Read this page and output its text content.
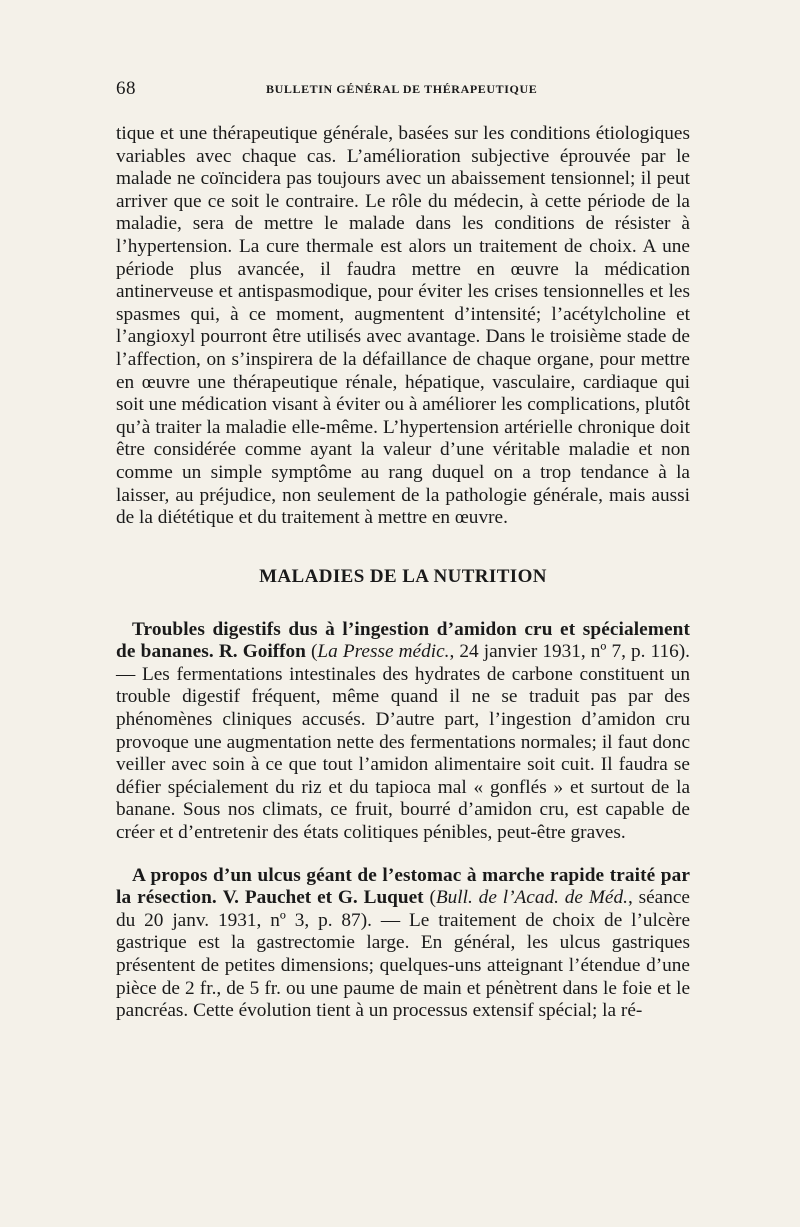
68	BULLETIN GÉNÉRAL DE THÉRAPEUTIQUE

tique et une thérapeutique générale, basées sur les conditions étiologiques variables avec chaque cas. L’amélioration subjective éprouvée par le malade ne coïncidera pas toujours avec un abaissement tensionnel; il peut arriver que ce soit le contraire. Le rôle du médecin, à cette période de la maladie, sera de mettre le malade dans les conditions de résister à l’hypertension. La cure thermale est alors un traitement de choix. A une période plus avancée, il faudra mettre en œuvre la médication antinerveuse et antispasmodique, pour éviter les crises tensionnelles et les spasmes qui, à ce moment, augmentent d’intensité; l’acétylcholine et l’angioxyl pourront être utilisés avec avantage. Dans le troisième stade de l’affection, on s’inspirera de la défaillance de chaque organe, pour mettre en œuvre une thérapeutique rénale, hépatique, vasculaire, cardiaque qui soit une médication visant à éviter ou à améliorer les complications, plutôt qu’à traiter la maladie elle-même. L’hypertension artérielle chronique doit être considérée comme ayant la valeur d’une véritable maladie et non comme un simple symptôme au rang duquel on a trop tendance à la laisser, au préjudice, non seulement de la pathologie générale, mais aussi de la diététique et du traitement à mettre en œuvre.

MALADIES DE LA NUTRITION

Troubles digestifs dus à l’ingestion d’amidon cru et spécialement de bananes. R. Goiffon (La Presse médic., 24 janvier 1931, nº 7, p. 116). — Les fermentations intestinales des hydrates de carbone constituent un trouble digestif fréquent, même quand il ne se traduit pas par des phénomènes cliniques accusés. D’autre part, l’ingestion d’amidon cru provoque une augmentation nette des fermentations normales; il faut donc veiller avec soin à ce que tout l’amidon alimentaire soit cuit. Il faudra se défier spécialement du riz et du tapioca mal « gonflés » et surtout de la banane. Sous nos climats, ce fruit, bourré d’amidon cru, est capable de créer et d’entretenir des états colitiques pénibles, peut-être graves.

A propos d’un ulcus géant de l’estomac à marche rapide traité par la résection. V. Pauchet et G. Luquet (Bull. de l’Acad. de Méd., séance du 20 janv. 1931, nº 3, p. 87). — Le traitement de choix de l’ulcère gastrique est la gastrectomie large. En général, les ulcus gastriques présentent de petites dimensions; quelques-uns atteignant l’étendue d’une pièce de 2 fr., de 5 fr. ou une paume de main et pénètrent dans le foie et le pancréas. Cette évolution tient à un processus extensif spécial; la ré-
